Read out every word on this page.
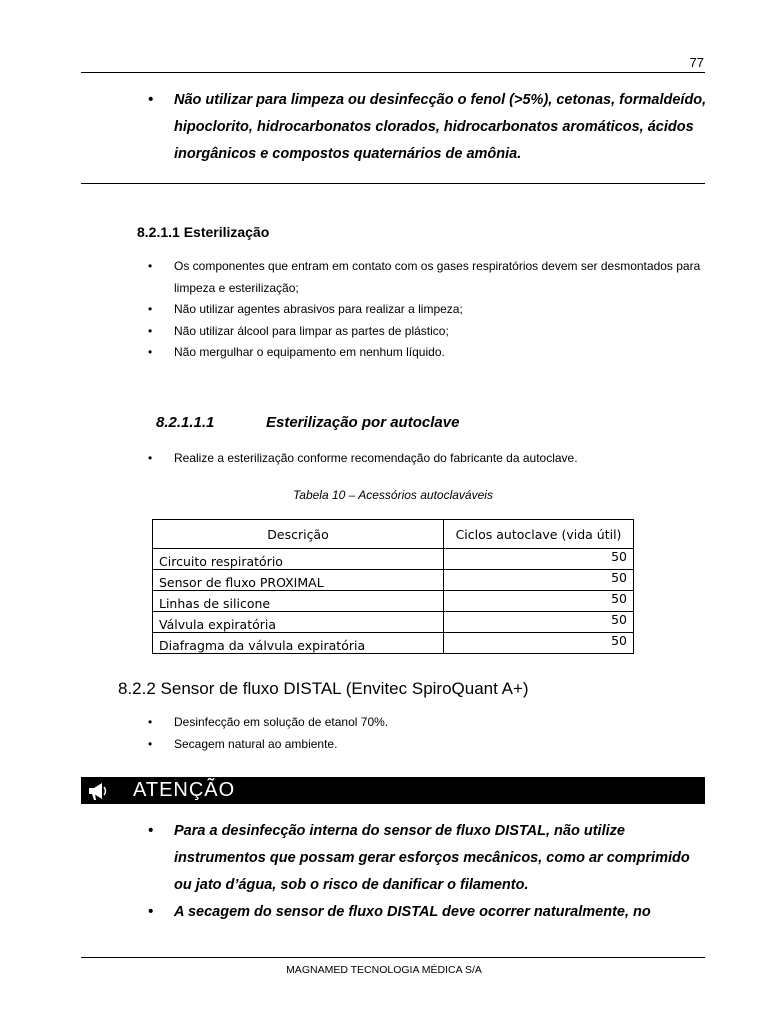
77
• Não utilizar para limpeza ou desinfecção o fenol (>5%), cetonas, formaldeído, hipoclorito, hidrocarbonatos clorados, hidrocarbonatos aromáticos, ácidos inorgânicos e compostos quaternários de amônia.
8.2.1.1 Esterilização
• Os componentes que entram em contato com os gases respiratórios devem ser desmontados para limpeza e esterilização;
• Não utilizar agentes abrasivos para realizar a limpeza;
• Não utilizar álcool para limpar as partes de plástico;
• Não mergulhar o equipamento em nenhum líquido.
8.2.1.1.1	Esterilização por autoclave
• Realize a esterilização conforme recomendação do fabricante da autoclave.
Tabela 10 – Acessórios autoclaváveis
Descrição	Ciclos autoclave (vida útil)
Circuito respiratório	50
Sensor de fluxo PROXIMAL	50
Linhas de silicone	50
Válvula expiratória	50
Diafragma da válvula expiratória	50
8.2.2 Sensor de fluxo DISTAL (Envitec SpiroQuant A+)
• Desinfecção em solução de etanol 70%.
• Secagem natural ao ambiente.
ATENÇÃO
• Para a desinfecção interna do sensor de fluxo DISTAL, não utilize instrumentos que possam gerar esforços mecânicos, como ar comprimido ou jato d’água, sob o risco de danificar o filamento.
• A secagem do sensor de fluxo DISTAL deve ocorrer naturalmente, no
MAGNAMED TECNOLOGIA MÉDICA S/A
